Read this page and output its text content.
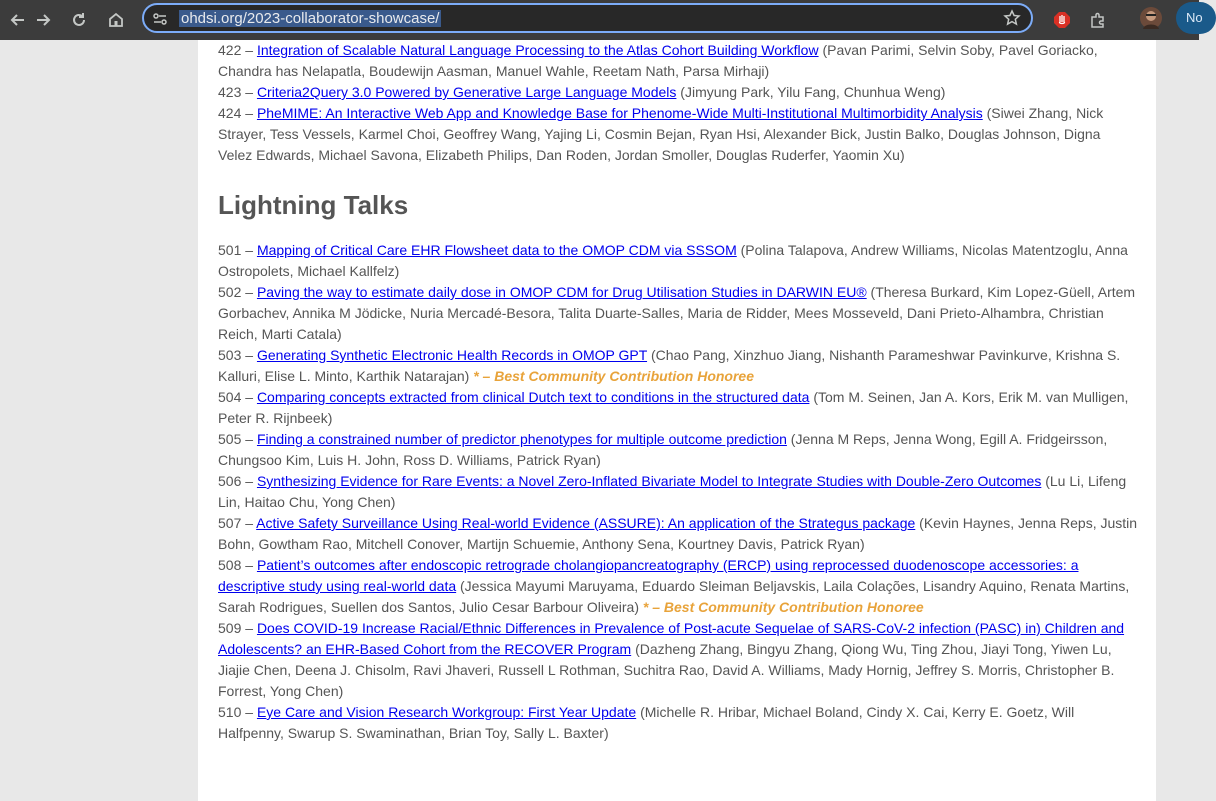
ohdsi.org/2023-collaborator-showcase/	No

422 – Integration of Scalable Natural Language Processing to the Atlas Cohort Building Workflow (Pavan Parimi, Selvin Soby, Pavel Goriacko, Chandra has Nelapatla, Boudewijn Aasman, Manuel Wahle, Reetam Nath, Parsa Mirhaji)

423 – Criteria2Query 3.0 Powered by Generative Large Language Models (Jimyung Park, Yilu Fang, Chunhua Weng)

424 – PheMIME: An Interactive Web App and Knowledge Base for Phenome-Wide Multi-Institutional Multimorbidity Analysis (Siwei Zhang, Nick Strayer, Tess Vessels, Karmel Choi, Geoffrey Wang, Yajing Li, Cosmin Bejan, Ryan Hsi, Alexander Bick, Justin Balko, Douglas Johnson, Digna Velez Edwards, Michael Savona, Elizabeth Philips, Dan Roden, Jordan Smoller, Douglas Ruderfer, Yaomin Xu)

Lightning Talks

501 – Mapping of Critical Care EHR Flowsheet data to the OMOP CDM via SSSOM (Polina Talapova, Andrew Williams, Nicolas Matentzoglu, Anna Ostropolets, Michael Kallfelz)

502 – Paving the way to estimate daily dose in OMOP CDM for Drug Utilisation Studies in DARWIN EU® (Theresa Burkard, Kim Lopez-Güell, Artem Gorbachev, Annika M Jödicke, Nuria Mercadé-Besora, Talita Duarte-Salles, Maria de Ridder, Mees Mosseveld, Dani Prieto-Alhambra, Christian Reich, Marti Catala)

503 – Generating Synthetic Electronic Health Records in OMOP GPT (Chao Pang, Xinzhuo Jiang, Nishanth Parameshwar Pavinkurve, Krishna S. Kalluri, Elise L. Minto, Karthik Natarajan) * – Best Community Contribution Honoree

504 – Comparing concepts extracted from clinical Dutch text to conditions in the structured data (Tom M. Seinen, Jan A. Kors, Erik M. van Mulligen, Peter R. Rijnbeek)

505 – Finding a constrained number of predictor phenotypes for multiple outcome prediction (Jenna M Reps, Jenna Wong, Egill A. Fridgeirsson, Chungsoo Kim, Luis H. John, Ross D. Williams, Patrick Ryan)

506 – Synthesizing Evidence for Rare Events: a Novel Zero-Inflated Bivariate Model to Integrate Studies with Double-Zero Outcomes (Lu Li, Lifeng Lin, Haitao Chu, Yong Chen)

507 – Active Safety Surveillance Using Real-world Evidence (ASSURE): An application of the Strategus package (Kevin Haynes, Jenna Reps, Justin Bohn, Gowtham Rao, Mitchell Conover, Martijn Schuemie, Anthony Sena, Kourtney Davis, Patrick Ryan)

508 – Patient’s outcomes after endoscopic retrograde cholangiopancreatography (ERCP) using reprocessed duodenoscope accessories: a descriptive study using real-world data (Jessica Mayumi Maruyama, Eduardo Sleiman Beljavskis, Laila Colações, Lisandry Aquino, Renata Martins, Sarah Rodrigues, Suellen dos Santos, Julio Cesar Barbour Oliveira) * – Best Community Contribution Honoree

509 – Does COVID-19 Increase Racial/Ethnic Differences in Prevalence of Post-acute Sequelae of SARS-CoV-2 infection (PASC) in) Children and Adolescents? an EHR-Based Cohort from the RECOVER Program (Dazheng Zhang, Bingyu Zhang, Qiong Wu, Ting Zhou, Jiayi Tong, Yiwen Lu, Jiajie Chen, Deena J. Chisolm, Ravi Jhaveri, Russell L Rothman, Suchitra Rao, David A. Williams, Mady Hornig, Jeffrey S. Morris, Christopher B. Forrest, Yong Chen)

510 – Eye Care and Vision Research Workgroup: First Year Update (Michelle R. Hribar, Michael Boland, Cindy X. Cai, Kerry E. Goetz, Will Halfpenny, Swarup S. Swaminathan, Brian Toy, Sally L. Baxter)
